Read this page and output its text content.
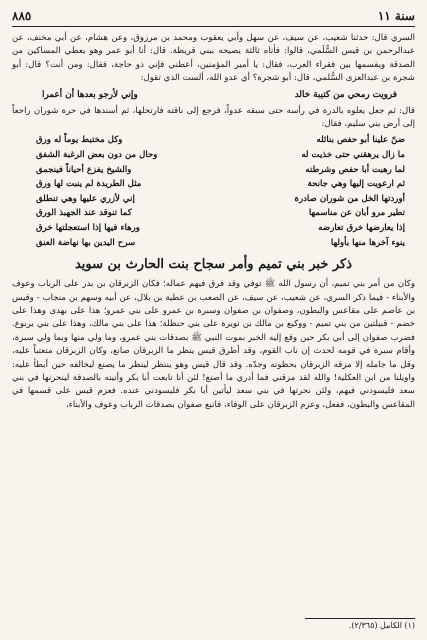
سنة ١١
٨٨٥

السري قال: حدثنا شعيب، عن سيف، عن سهل وأبي يعقوب ومحمد بن مرزوق، وعن هشام، عن أبي مخنف، عن عبدالرحمن بن قيس السُّلَمي، قالوا: فأتاه ثالثة يصيحه ببني قريظة. قال: أنا أبو عمر وهو يعطي المساكين من الصدقة ويقسمها بين فقراء العرب، فقال: يا أمير المؤمنين، أعطني فإني ذو حاجة، فقال: ومن أنت؟ قال: أبو شجرة بن عبدالعزى السُّلمي، قال: أبو شجرة؟ أي عدو الله، ألست الذي تقول:

فرويت رمحي من كتيبة خالد
وإني لأرجو بعدها أن أعمرا

قال: ثم جعل يعلوه بالدرة في رأسه حتى سبقه عدواً، فرجع إلى ناقته فارتحلها، ثم أسندها في حرة شوران راجعاً إلى أرض بني سليم، فقال:

ضنّ علينا أبو حفص بنائله
وكل مختبط يوماً له ورق
ما زال يرهقني حتى خذيت له
وحال من دون بعض الرغبة الشفق
لما رهبت أبا حفص وشرطته
والشيخ يفزع أحياناً فينجمق
ثم ارعويت إليها وهي جانحة
مثل الطريدة لم ينبت لها ورق
أوردتها الخل من شوران صادرة
إني لأزري عليها وهي تنطلق
تطير مرو أبان عن مناسمها
كما تنوقد عند الجهبذ الورق
إذا يعارضها خرق تعارضه
ورهاء فيها إذا استعجلتها خرق
ينوء آخرها منها بأولها
سرح اليدين بها نهاضة العنق
ذكر خبر بني تميم وأمر سجاح بنت الحارث بن سويد

وكان من أمر بني تميم، أن رسول الله ﷺ توفي وقد فرق فيهم عماله؛ فكان الزبرقان بن بدر على الرباب وعوف والأبناء - فيما ذكر السري، عن شعيب، عن سيف، عن الصعب بن عطية بن بلال، عن أبيه وسهم بن منجاب - وقيس بن عاصم على مقاعس والبطون، وصفوان بن صفوان وسبرة بن عمرو على بني عمرو؛ هذا على بهدى وهذا على خضم - قبيلتين من بني تميم - ووكيع بن مالك بن نويرة على بني حنظلة؛ هذا على بني مالك، وهذا على بني يربوع. فضرب صفوان إلى أبي بكر حين وقع إليه الخبر بموت النبي ﷺ بصدقات بني عمرو، وما ولي منها وبما ولي سبرة، وأقام سبرة في قومه لحدث إن ناب القوم، وقد أطرق قيس ينظر ما الزبرقان صانع، وكان الزبرقان متعتباً عليه، وقل ما جامله إلا مزقه الزبرقان بحظوته وجدّه. وقد قال قيس وهو ينتظر لينظر ما يصنع ليخالفه حين أبطأ عليه: واويلنا من ابن العكلية! والله لقد مزقني فما أدري ما أصنع! لئن أنا تابعت أبا بكر وأتيته بالصدقة لينحرنها في بني سعد فليسودني فيهم، ولئن نحرتها في بني سعد ليأتين أبا بكر فليسودني عنده. فعزم قيس على قسمها في المقاعس والبطون، ففعل، وعزم الزبرقان على الوفاء، فاتبع صفوان بصدقات الرباب وعوف والأبناء،

(١) الكامل (٢/٣٦٥).
